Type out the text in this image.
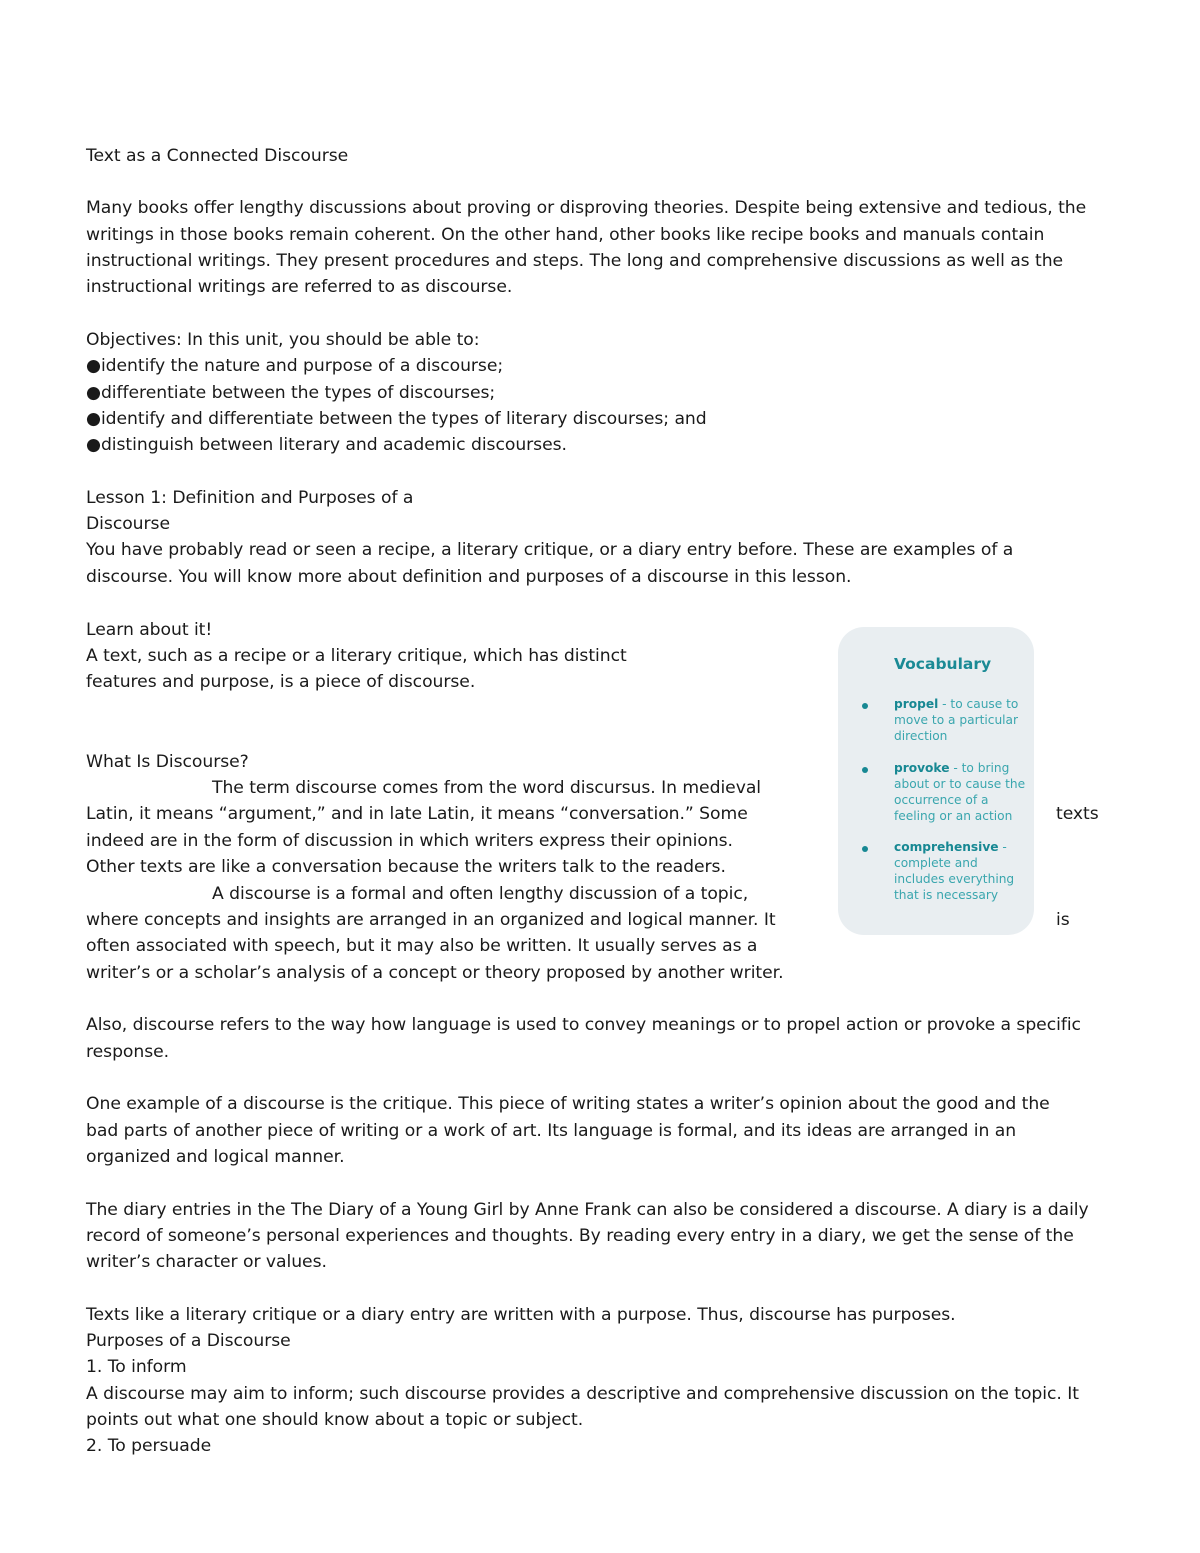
Text as a Connected Discourse
Many books offer lengthy discussions about proving or disproving theories. Despite being extensive and tedious, the
writings in those books remain coherent. On the other hand, other books like recipe books and manuals contain
instructional writings. They present procedures and steps. The long and comprehensive discussions as well as the
instructional writings are referred to as discourse.
Objectives: In this unit, you should be able to:
●identify the nature and purpose of a discourse;
●differentiate between the types of discourses;
●identify and differentiate between the types of literary discourses; and
●distinguish between literary and academic discourses.
Lesson 1: Definition and Purposes of a
Discourse
You have probably read or seen a recipe, a literary critique, or a diary entry before. These are examples of a
discourse. You will know more about definition and purposes of a discourse in this lesson.
Learn about it!
A text, such as a recipe or a literary critique, which has distinct
features and purpose, is a piece of discourse.
What Is Discourse?
The term discourse comes from the word discursus. In medieval
Latin, it means “argument,” and in late Latin, it means “conversation.” Some	texts
indeed are in the form of discussion in which writers express their opinions.
Other texts are like a conversation because the writers talk to the readers.
A discourse is a formal and often lengthy discussion of a topic,
where concepts and insights are arranged in an organized and logical manner. It	is
often associated with speech, but it may also be written. It usually serves as a
writer’s or a scholar’s analysis of a concept or theory proposed by another writer.
Also, discourse refers to the way how language is used to convey meanings or to propel action or provoke a specific
response.
One example of a discourse is the critique. This piece of writing states a writer’s opinion about the good and the
bad parts of another piece of writing or a work of art. Its language is formal, and its ideas are arranged in an
organized and logical manner.
The diary entries in the The Diary of a Young Girl by Anne Frank can also be considered a discourse. A diary is a daily
record of someone’s personal experiences and thoughts. By reading every entry in a diary, we get the sense of the
writer’s character or values.
Texts like a literary critique or a diary entry are written with a purpose. Thus, discourse has purposes.
Purposes of a Discourse
1. To inform
A discourse may aim to inform; such discourse provides a descriptive and comprehensive discussion on the topic. It
points out what one should know about a topic or subject.
2. To persuade
Vocabulary
propel - to cause to move to a particular direction
provoke - to bring about or to cause the occurrence of a feeling or an action
comprehensive - complete and includes everything that is necessary
